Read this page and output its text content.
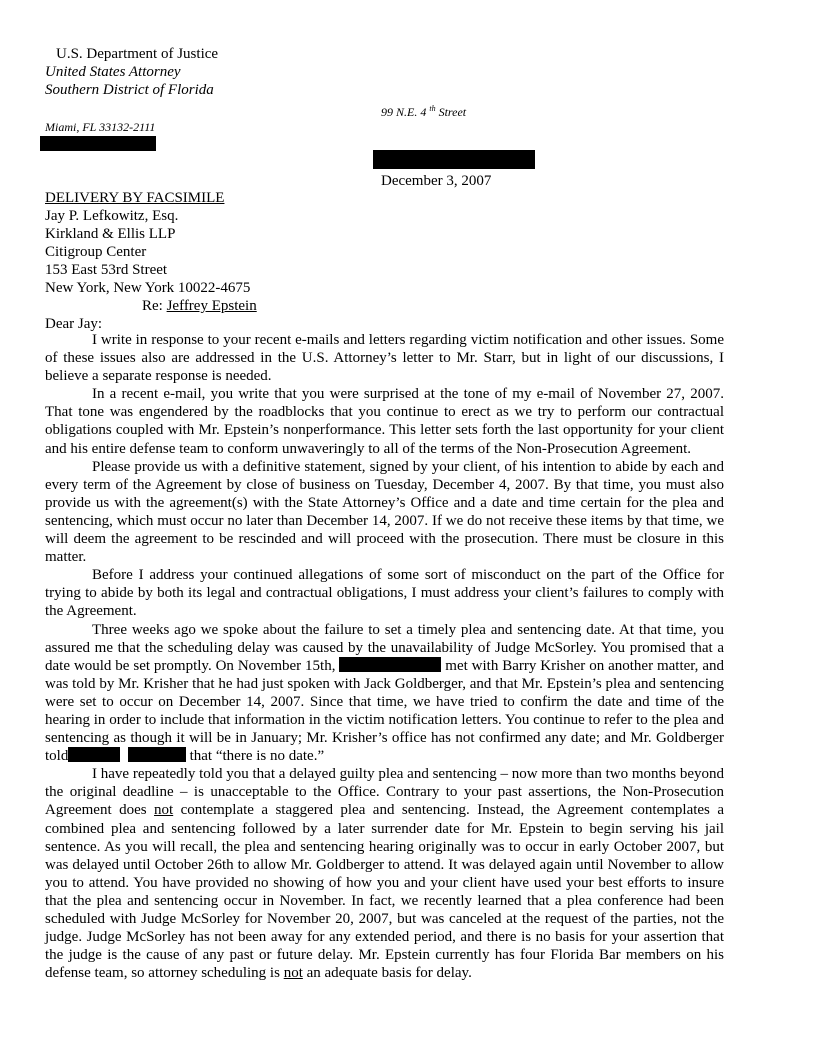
U.S. Department of Justice
United States Attorney
Southern District of Florida
99 N.E. 4 $^{th}$ Street
Miami, FL 33132-2111
December 3, 2007
DELIVERY BY FACSIMILE
Jay P. Lefkowitz, Esq.
Kirkland & Ellis LLP
Citigroup Center
153 East 53rd Street
New York, New York 10022-4675
Re: Jeffrey Epstein
Dear Jay:

I write in response to your recent e-mails and letters regarding victim notification and other issues. Some of these issues also are addressed in the U.S. Attorney’s letter to Mr. Starr, but in light of our discussions, I believe a separate response is needed.

In a recent e-mail, you write that you were surprised at the tone of my e-mail of November 27, 2007. That tone was engendered by the roadblocks that you continue to erect as we try to perform our contractual obligations coupled with Mr. Epstein’s nonperformance. This letter sets forth the last opportunity for your client and his entire defense team to conform unwaveringly to all of the terms of the Non-Prosecution Agreement.

Please provide us with a definitive statement, signed by your client, of his intention to abide by each and every term of the Agreement by close of business on Tuesday, December 4, 2007. By that time, you must also provide us with the agreement(s) with the State Attorney’s Office and a date and time certain for the plea and sentencing, which must occur no later than December 14, 2007. If we do not receive these items by that time, we will deem the agreement to be rescinded and will proceed with the prosecution. There must be closure in this matter.

Before I address your continued allegations of some sort of misconduct on the part of the Office for trying to abide by both its legal and contractual obligations, I must address your client’s failures to comply with the Agreement.

Three weeks ago we spoke about the failure to set a timely plea and sentencing date. At that time, you assured me that the scheduling delay was caused by the unavailability of Judge McSorley. You promised that a date would be set promptly. On November 15th,	met with Barry Krisher on another matter, and was told by Mr. Krisher that he had just spoken with Jack Goldberger, and that Mr. Epstein’s plea and sentencing were set to occur on December 14, 2007. Since that time, we have tried to confirm the date and time of the hearing in order to include that information in the victim notification letters. You continue to refer to the plea and sentencing as though it will be in January; Mr. Krisher’s office has not confirmed any date; and Mr. Goldberger told 	that “there is no date.”

I have repeatedly told you that a delayed guilty plea and sentencing – now more than two months beyond the original deadline – is unacceptable to the Office. Contrary to your past assertions, the Non-Prosecution Agreement does not contemplate a staggered plea and sentencing. Instead, the Agreement contemplates a combined plea and sentencing followed by a later surrender date for Mr. Epstein to begin serving his jail sentence. As you will recall, the plea and sentencing hearing originally was to occur in early October 2007, but was delayed until October 26th to allow Mr. Goldberger to attend. It was delayed again until November to allow you to attend. You have provided no showing of how you and your client have used your best efforts to insure that the plea and sentencing occur in November. In fact, we recently learned that a plea conference had been scheduled with Judge McSorley for November 20, 2007, but was canceled at the request of the parties, not the judge. Judge McSorley has not been away for any extended period, and there is no basis for your assertion that the judge is the cause of any past or future delay. Mr. Epstein currently has four Florida Bar members on his defense team, so attorney scheduling is not an adequate basis for delay.
